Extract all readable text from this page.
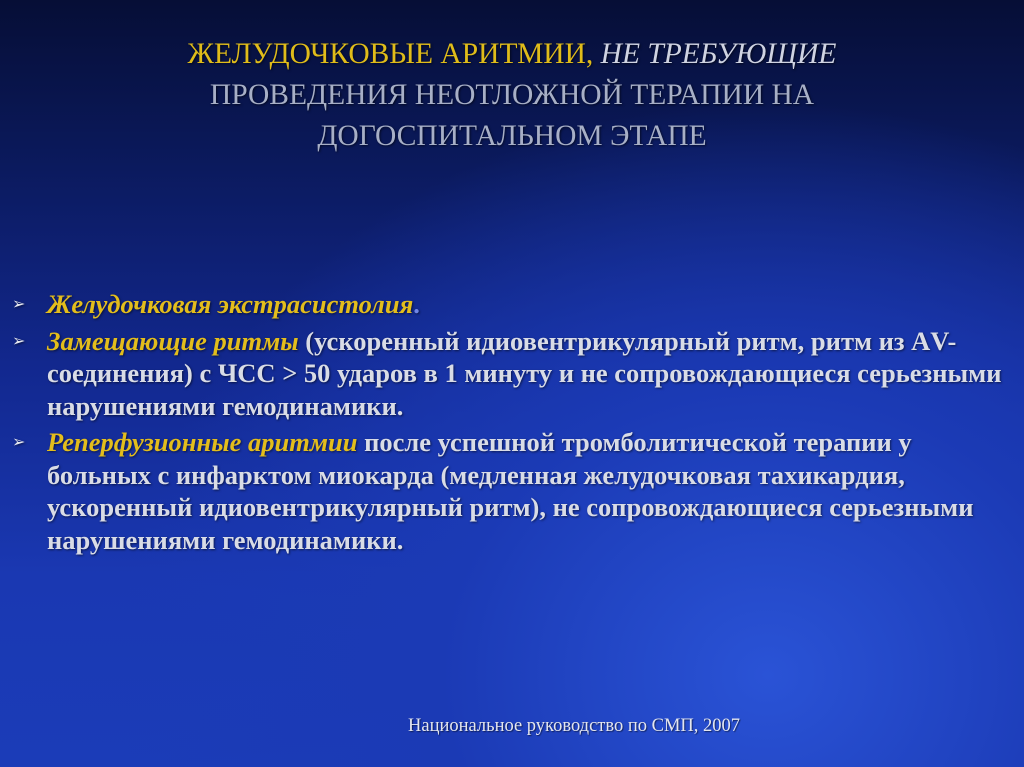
ЖЕЛУДОЧКОВЫЕ АРИТМИИ, НЕ ТРЕБУЮЩИЕ
ПРОВЕДЕНИЯ НЕОТЛОЖНОЙ ТЕРАПИИ НА
ДОГОСПИТАЛЬНОМ ЭТАПЕ
➢ Желудочковая экстрасистолия.
➢ Замещающие ритмы (ускоренный идиовентрикулярный ритм, ритм из АV-соединения) с ЧСС > 50 ударов в 1 минуту и не сопровождающиеся серьезными нарушениями гемодинамики.
➢ Реперфузионные аритмии после успешной тромболитической терапии у больных с инфарктом миокарда (медленная желудочковая тахикардия, ускоренный идиовентрикулярный ритм), не сопровождающиеся серьезными нарушениями гемодинамики.
Национальное руководство по СМП, 2007
